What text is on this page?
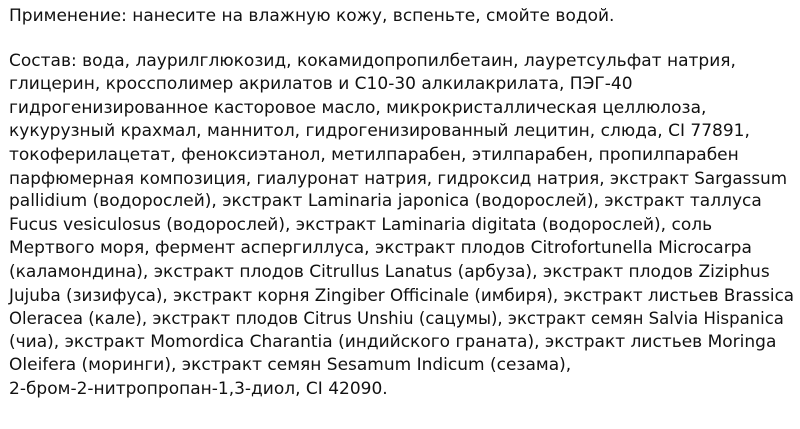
Применение: нанесите на влажную кожу, вспеньте, смойте водой.

Состав: вода, лаурилглюкозид, кокамидопропилбетаин, лауретсульфат натрия,
глицерин, кроссполимер акрилатов и C10-30 алкилакрилата, ПЭГ-40
гидрогенизированное касторовое масло, микрокристаллическая целлюлоза,
кукурузный крахмал, маннитол, гидрогенизированный лецитин, слюда, CI 77891,
токоферилацетат, феноксиэтанол, метилпарабен, этилпарабен, пропилпарабен
парфюмерная композиция, гиалуронат натрия, гидроксид натрия, экстракт Sargassum
pallidium (водорослей), экстракт Laminaria japonica (водорослей), экстракт таллуса
Fucus vesiculosus (водорослей), экстракт Laminaria digitata (водорослей), соль
Мертвого моря, фермент аспергиллуса, экстракт плодов Citrofortunella Microcarpa
(каламондина), экстракт плодов Citrullus Lanatus (арбуза), экстракт плодов Ziziphus
Jujuba (зизифуса), экстракт корня Zingiber Officinale (имбиря), экстракт листьев Brassica
Oleracea (кале), экстракт плодов Citrus Unshiu (сацумы), экстракт семян Salvia Hispanica
(чиа), экстракт Momordica Charantia (индийского граната), экстракт листьев Moringa
Oleifera (моринги), экстракт семян Sesamum Indicum (сезама),
2-бром-2-нитропропан-1,3-диол, CI 42090.
